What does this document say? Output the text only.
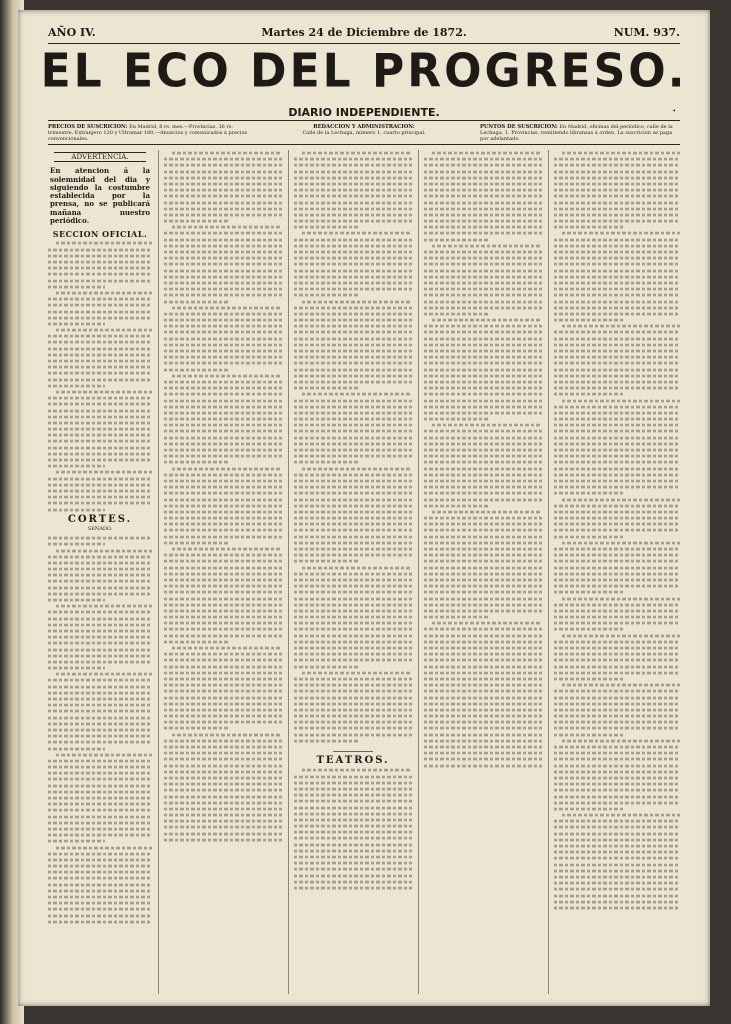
AÑO IV.	Martes 24 de Diciembre de 1872.	NUM. 937.
EL ECO DEL PROGRESO.
DIARIO INDEPENDIENTE.	•
PRECIOS DE SUSCRICION: En Madrid, 8 rs. mes.—Provincias, 36 rs. trimestre. Extranjero 120 y Ultramar 180.—Anuncios y comunicados á precios convencionales.
REDACCION Y ADMINISTRACION:
Calle de la Lechuga, número 1, cuarto principal.
PUNTOS DE SUSCRICION: En Madrid, oficinas del periódico, calle de la Lechuga, 1. Provincias, remitiendo libranzas á orden. La suscricion se paga por adelantado.
ADVERTENCIA.
En atencion á la solemnidad del dia y siguiendo la costumbre establecida por la prensa, no se publicará mañana nuestro periódico.
SECCION OFICIAL.
CORTES.
SENADO.
TEATROS.
